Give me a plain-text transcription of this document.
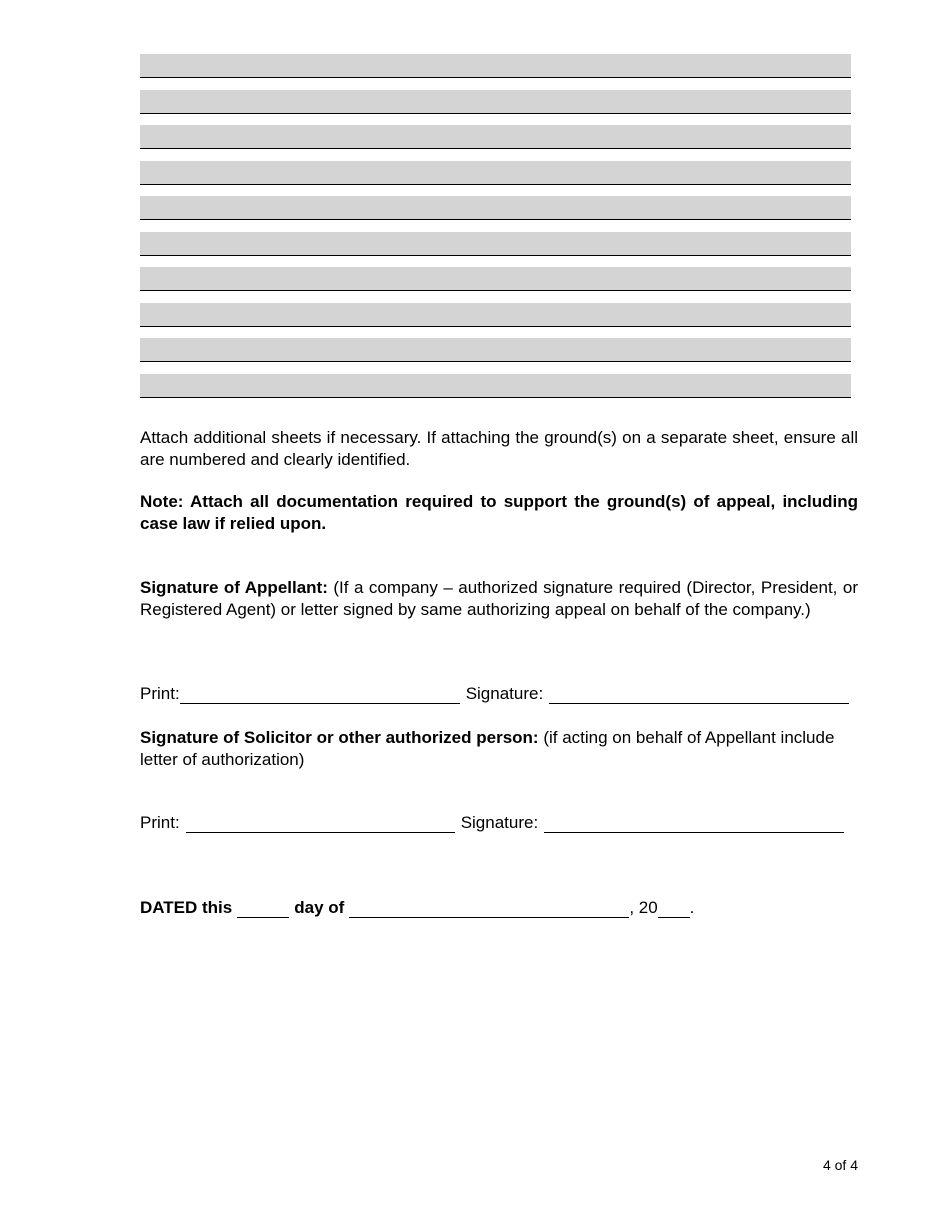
Attach additional sheets if necessary. If attaching the ground(s) on a separate sheet, ensure all are numbered and clearly identified.

Note: Attach all documentation required to support the ground(s) of appeal, including case law if relied upon.

Signature of Appellant: (If a company – authorized signature required (Director, President, or Registered Agent) or letter signed by same authorizing appeal on behalf of the company.)

Print:	Signature:

Signature of Solicitor or other authorized person: (if acting on behalf of Appellant include letter of authorization)

Print:	Signature:
DATED this	day of	, 20 .
4 of 4
